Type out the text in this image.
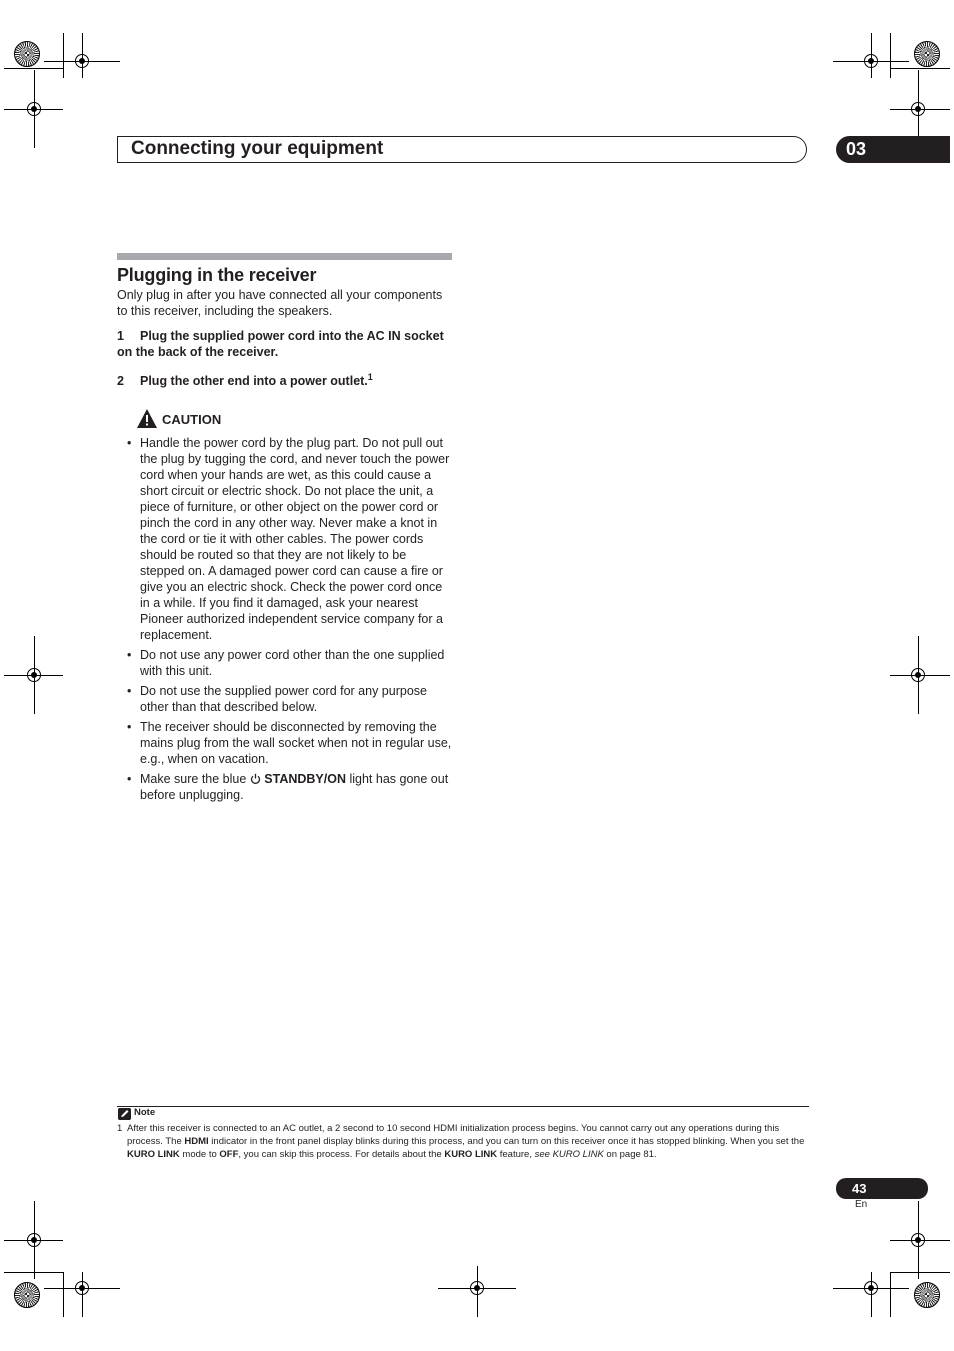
Connecting your equipment	03
Plugging in the receiver
Only plug in after you have connected all your components to this receiver, including the speakers.
1 Plug the supplied power cord into the AC IN socket on the back of the receiver.
2 Plug the other end into a power outlet.$^1$
CAUTION
• Handle the power cord by the plug part. Do not pull out the plug by tugging the cord, and never touch the power cord when your hands are wet, as this could cause a short circuit or electric shock. Do not place the unit, a piece of furniture, or other object on the power cord or pinch the cord in any other way. Never make a knot in the cord or tie it with other cables. The power cords should be routed so that they are not likely to be stepped on. A damaged power cord can cause a fire or give you an electric shock. Check the power cord once in a while. If you find it damaged, ask your nearest Pioneer authorized independent service company for a replacement.
• Do not use any power cord other than the one supplied with this unit.
• Do not use the supplied power cord for any purpose other than that described below.
• The receiver should be disconnected by removing the mains plug from the wall socket when not in regular use, e.g., when on vacation.
• Make sure the blue  STANDBY/ON light has gone out before unplugging.
Note
1 After this receiver is connected to an AC outlet, a 2 second to 10 second HDMI initialization process begins. You cannot carry out any operations during this process. The HDMI indicator in the front panel display blinks during this process, and you can turn on this receiver once it has stopped blinking. When you set the KURO LINK mode to OFF, you can skip this process. For details about the KURO LINK feature, see KURO LINK on page 81.
43
En
